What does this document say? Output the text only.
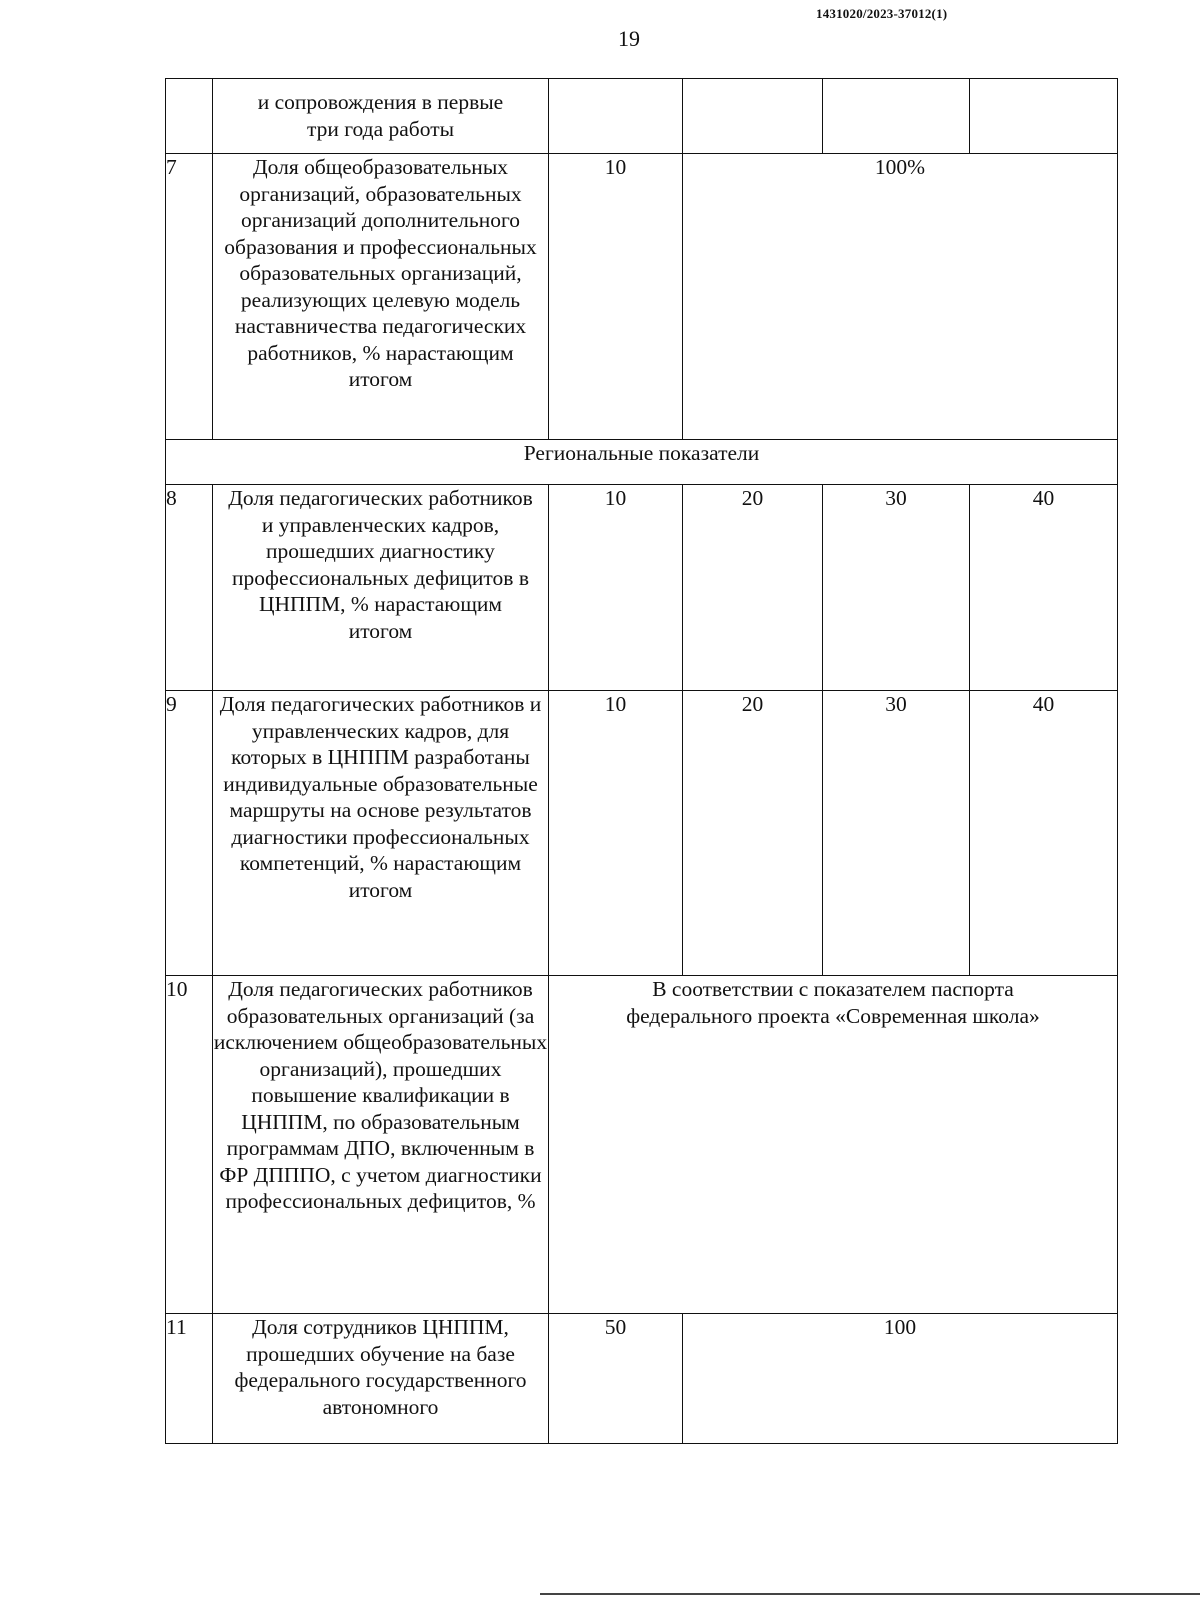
1431020/2023-37012(1)
19
	и сопровождения в первые
три года работы				
7	Доля общеобразовательных организаций, образовательных организаций дополнительного образования и профессиональных образовательных организаций, реализующих целевую модель наставничества педагогических работников, % нарастающим итогом	10	100%		
Региональные показатели					
8	Доля педагогических работников и управленческих кадров, прошедших диагностику профессиональных дефицитов в ЦНППМ, % нарастающим итогом	10	20	30	40
9	Доля педагогических работников и управленческих кадров, для которых в ЦНППМ разработаны индивидуальные образовательные маршруты на основе результатов диагностики профессиональных компетенций, % нарастающим итогом	10	20	30	40
10	Доля педагогических работников образовательных организаций (за исключением общеобразовательных организаций), прошедших повышение квалификации в ЦНППМ, по образовательным программам ДПО, включенным в ФР ДПППО, с учетом диагностики профессиональных дефицитов, %	В соответствии с показателем паспорта федерального проекта «Современная школа»			
11	Доля сотрудников ЦНППМ, прошедших обучение на базе федерального государственного автономного	50	100		
